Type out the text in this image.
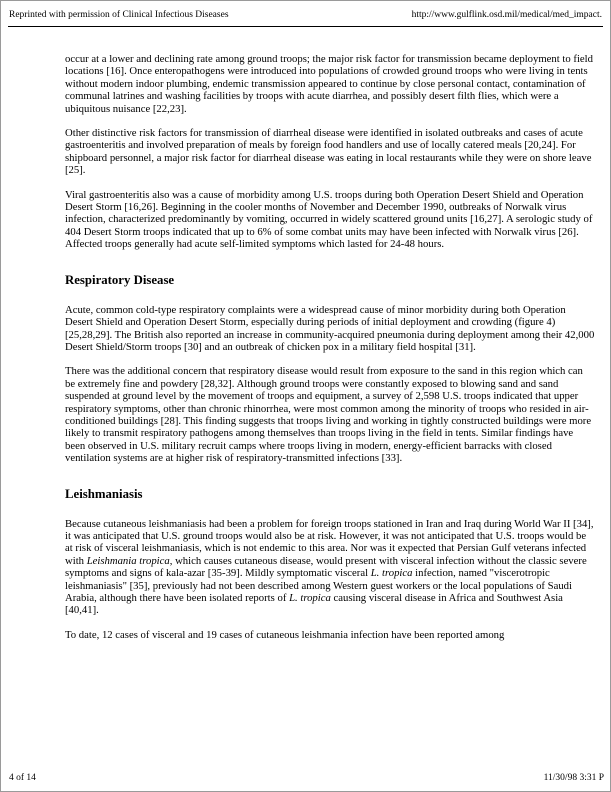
Reprinted with permission of Clinical Infectious Diseases	http://www.gulflink.osd.mil/medical/med_impact.

occur at a lower and declining rate among ground troops; the major risk factor for transmission became deployment to field locations [16]. Once enteropathogens were introduced into populations of crowded ground troops who were living in tents without modern indoor plumbing, endemic transmission appeared to continue by close personal contact, contamination of communal latrines and washing facilities by troops with acute diarrhea, and possibly desert filth flies, which were a ubiquitous nuisance [22,23].

Other distinctive risk factors for transmission of diarrheal disease were identified in isolated outbreaks and cases of acute gastroenteritis and involved preparation of meals by foreign food handlers and use of locally catered meals [20,24]. For shipboard personnel, a major risk factor for diarrheal disease was eating in local restaurants while they were on shore leave [25].

Viral gastroenteritis also was a cause of morbidity among U.S. troops during both Operation Desert Shield and Operation Desert Storm [16,26]. Beginning in the cooler months of November and December 1990, outbreaks of Norwalk virus infection, characterized predominantly by vomiting, occurred in widely scattered ground units [16,27]. A serologic study of 404 Desert Storm troops indicated that up to 6% of some combat units may have been infected with Norwalk virus [26]. Affected troops generally had acute self-limited symptoms which lasted for 24-48 hours.

Respiratory Disease

Acute, common cold-type respiratory complaints were a widespread cause of minor morbidity during both Operation Desert Shield and Operation Desert Storm, especially during periods of initial deployment and crowding (figure 4) [25,28,29]. The British also reported an increase in community-acquired pneumonia during deployment among their 42,000 Desert Shield/Storm troops [30] and an outbreak of chicken pox in a military field hospital [31].

There was the additional concern that respiratory disease would result from exposure to the sand in this region which can be extremely fine and powdery [28,32]. Although ground troops were constantly exposed to blowing sand and sand suspended at ground level by the movement of troops and equipment, a survey of 2,598 U.S. troops indicated that upper respiratory symptoms, other than chronic rhinorrhea, were most common among the minority of troops who resided in air-conditioned buildings [28]. This finding suggests that troops living and working in tightly constructed buildings were more likely to transmit respiratory pathogens among themselves than troops living in the field in tents. Similar findings have been observed in U.S. military recruit camps where troops living in modern, energy-efficient barracks with closed ventilation systems are at higher risk of respiratory-transmitted infections [33].

Leishmaniasis

Because cutaneous leishmaniasis had been a problem for foreign troops stationed in Iran and Iraq during World War II [34], it was anticipated that U.S. ground troops would also be at risk. However, it was not anticipated that U.S. troops would be at risk of visceral leishmaniasis, which is not endemic to this area. Nor was it expected that Persian Gulf veterans infected with Leishmania tropica, which causes cutaneous disease, would present with visceral infection without the classic severe symptoms and signs of kala-azar [35-39]. Mildly symptomatic visceral L. tropica infection, named "viscerotropic leishmaniasis" [35], previously had not been described among Western guest workers or the local populations of Saudi Arabia, although there have been isolated reports of L. tropica causing visceral disease in Africa and Southwest Asia [40,41].

To date, 12 cases of visceral and 19 cases of cutaneous leishmania infection have been reported among

4 of 14	11/30/98 3:31 P
